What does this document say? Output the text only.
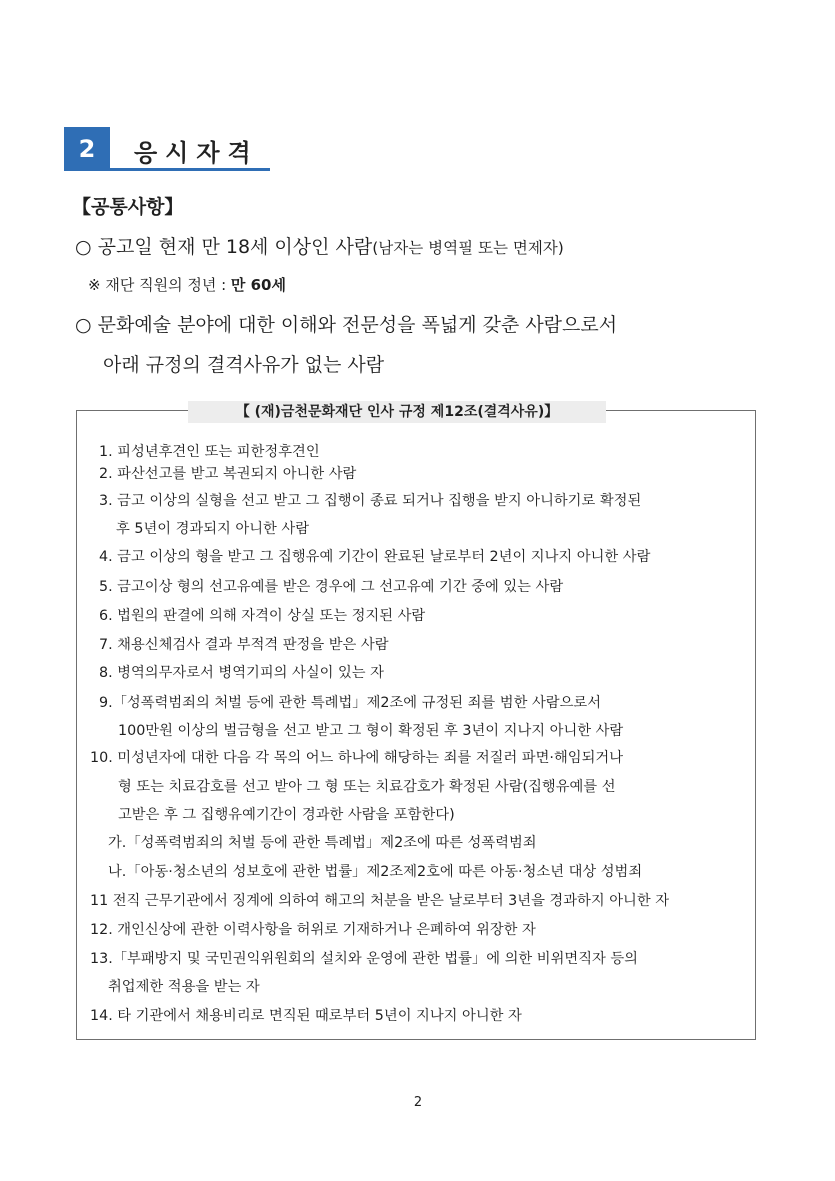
2	응시자격
【공통사항】
○ 공고일 현재 만 18세 이상인 사람(남자는 병역필 또는 면제자)
※ 재단 직원의 정년 : 만 60세
○ 문화예술 분야에 대한 이해와 전문성을 폭넓게 갖춘 사람으로서
아래 규정의 결격사유가 없는 사람
【 (재)금천문화재단 인사 규정 제12조(결격사유)】
1. 피성년후견인 또는 피한정후견인
2. 파산선고를 받고 복권되지 아니한 사람
3. 금고 이상의 실형을 선고 받고 그 집행이 종료 되거나 집행을 받지 아니하기로 확정된
후 5년이 경과되지 아니한 사람
4. 금고 이상의 형을 받고 그 집행유예 기간이 완료된 날로부터 2년이 지나지 아니한 사람
5. 금고이상 형의 선고유예를 받은 경우에 그 선고유예 기간 중에 있는 사람
6. 법원의 판결에 의해 자격이 상실 또는 정지된 사람
7. 채용신체검사 결과 부적격 판정을 받은 사람
8. 병역의무자로서 병역기피의 사실이 있는 자
9.「성폭력범죄의 처벌 등에 관한 특례법」제2조에 규정된 죄를 범한 사람으로서
100만원 이상의 벌금형을 선고 받고 그 형이 확정된 후 3년이 지나지 아니한 사람
10. 미성년자에 대한 다음 각 목의 어느 하나에 해당하는 죄를 저질러 파면·해임되거나
형 또는 치료감호를 선고 받아 그 형 또는 치료감호가 확정된 사람(집행유예를 선
고받은 후 그 집행유예기간이 경과한 사람을 포함한다)
가.「성폭력범죄의 처벌 등에 관한 특례법」제2조에 따른 성폭력범죄
나.「아동·청소년의 성보호에 관한 법률」제2조제2호에 따른 아동·청소년 대상 성범죄
11 전직 근무기관에서 징계에 의하여 해고의 처분을 받은 날로부터 3년을 경과하지 아니한 자
12. 개인신상에 관한 이력사항을 허위로 기재하거나 은폐하여 위장한 자
13.「부패방지 및 국민권익위원회의 설치와 운영에 관한 법률」에 의한 비위면직자 등의
취업제한 적용을 받는 자
14. 타 기관에서 채용비리로 면직된 때로부터 5년이 지나지 아니한 자
2
